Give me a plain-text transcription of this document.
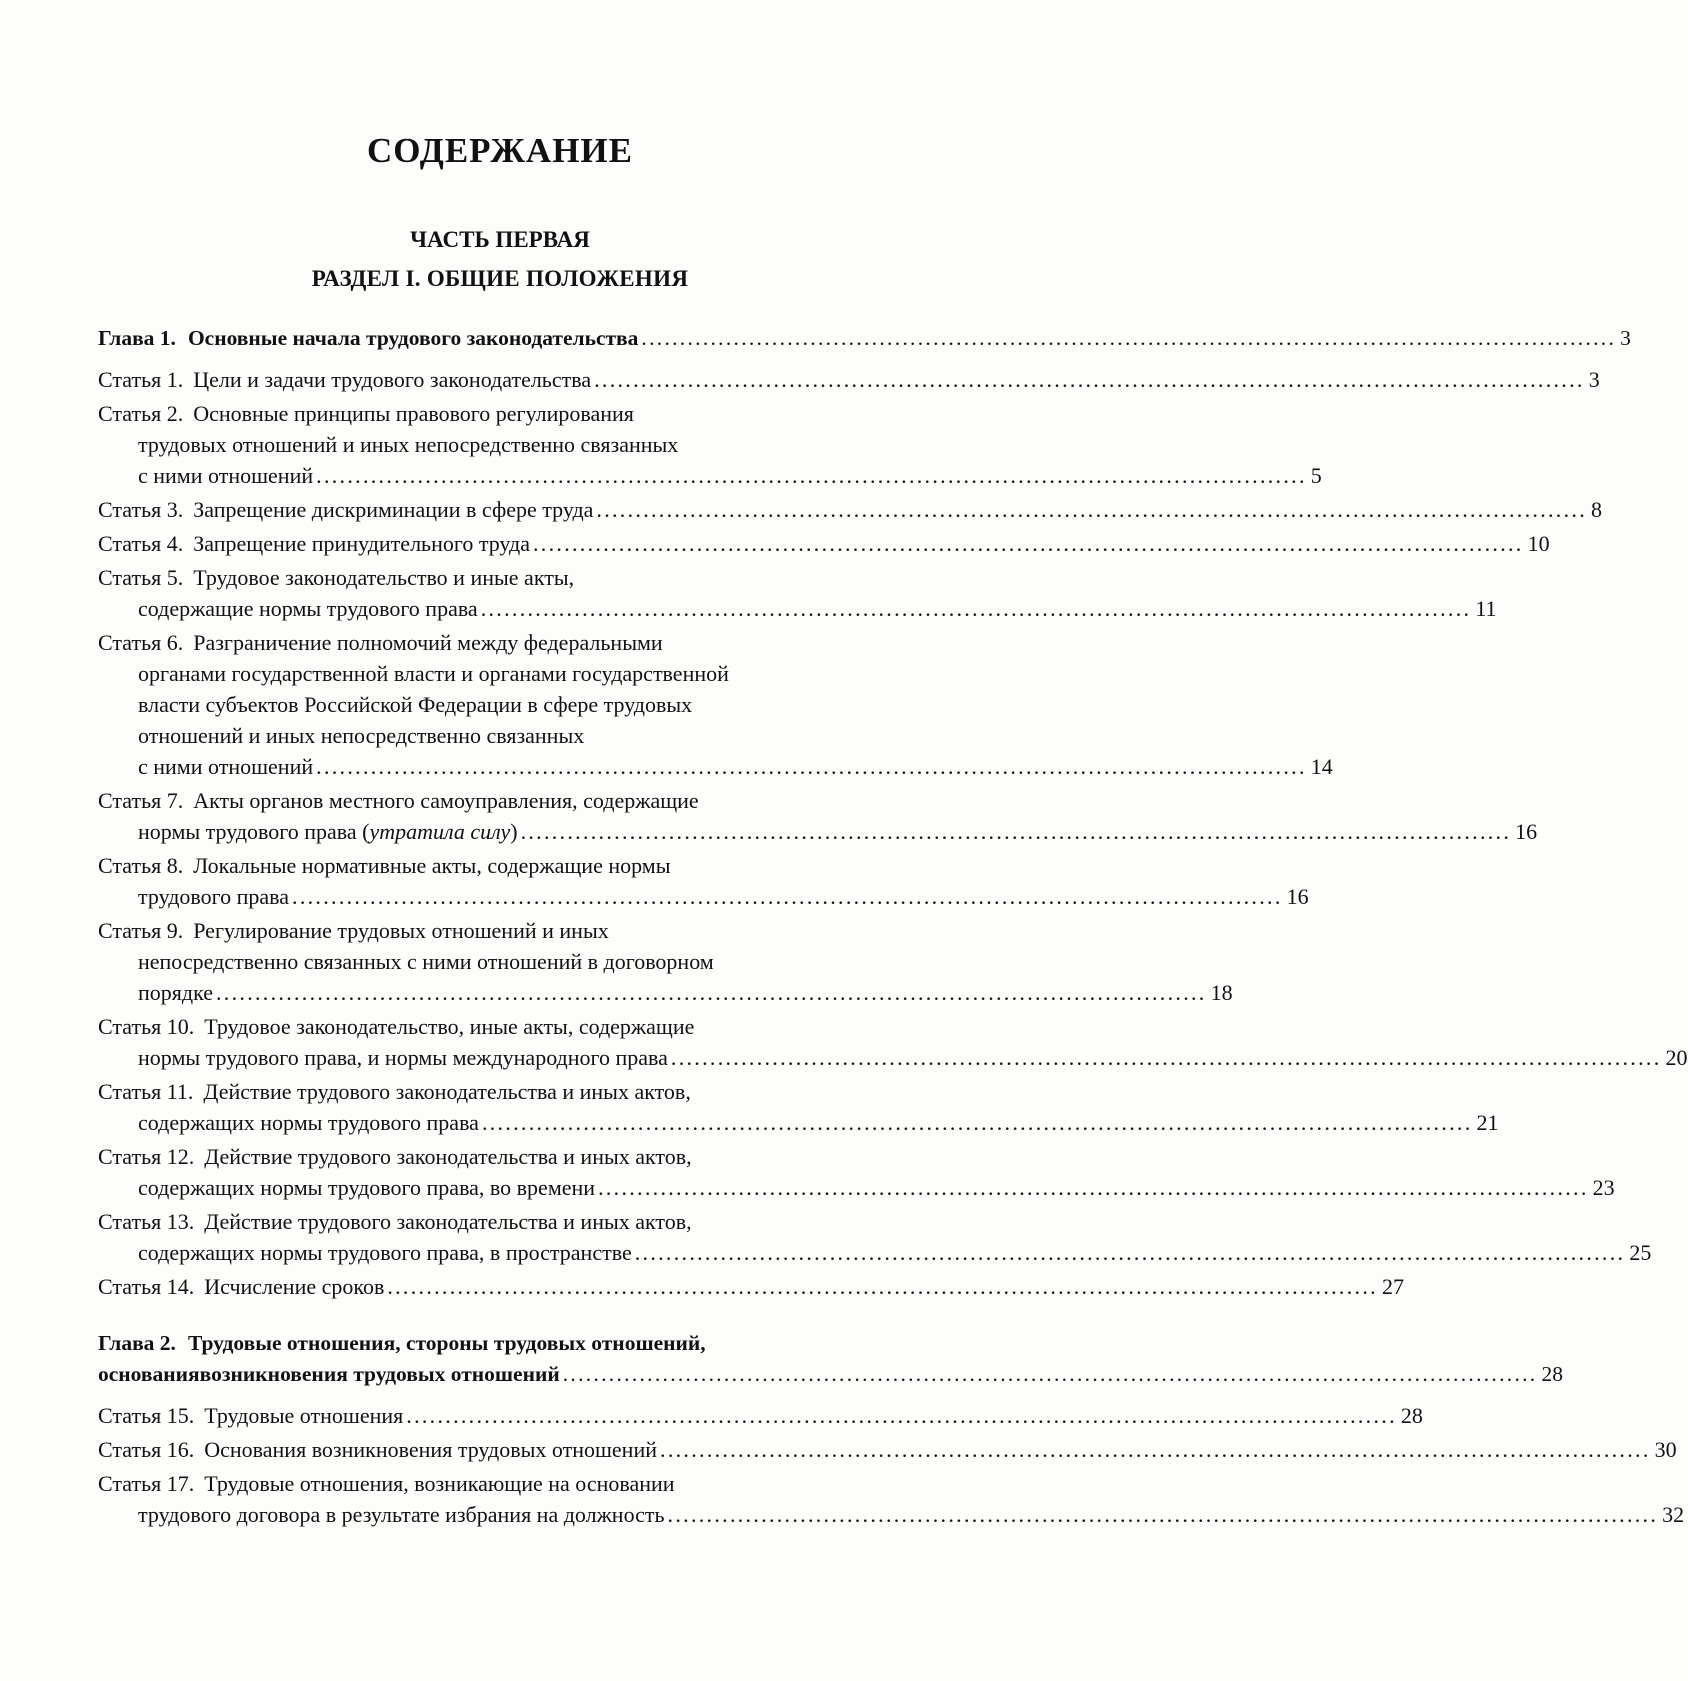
СОДЕРЖАНИЕ
ЧАСТЬ ПЕРВАЯ
РАЗДЕЛ I. ОБЩИЕ ПОЛОЖЕНИЯ
Глава 1. Основные начала трудового законодательства ............................................................................................................................... 3
Статья 1. Цели и задачи трудового законодательства ............................................................................................................................... 3
Статья 2. Основные принципы правового регулирования
трудовых отношений и иных непосредственно связанных
с ними отношений ............................................................................................................................... 5
Статья 3. Запрещение дискриминации в сфере труда ............................................................................................................................... 8
Статья 4. Запрещение принудительного труда ............................................................................................................................... 10
Статья 5. Трудовое законодательство и иные акты,
содержащие нормы трудового права ............................................................................................................................... 11
Статья 6. Разграничение полномочий между федеральными
органами государственной власти и органами государственной
власти субъектов Российской Федерации в сфере трудовых
отношений и иных непосредственно связанных
с ними отношений ............................................................................................................................... 14
Статья 7. Акты органов местного самоуправления, содержащие
нормы трудового права (утратила силу) ............................................................................................................................... 16
Статья 8. Локальные нормативные акты, содержащие нормы
трудового права ............................................................................................................................... 16
Статья 9. Регулирование трудовых отношений и иных
непосредственно связанных с ними отношений в договорном
порядке ............................................................................................................................... 18
Статья 10. Трудовое законодательство, иные акты, содержащие
нормы трудового права, и нормы международного права ............................................................................................................................... 20
Статья 11. Действие трудового законодательства и иных актов,
содержащих нормы трудового права ............................................................................................................................... 21
Статья 12. Действие трудового законодательства и иных актов,
содержащих нормы трудового права, во времени ............................................................................................................................... 23
Статья 13. Действие трудового законодательства и иных актов,
содержащих нормы трудового права, в пространстве ............................................................................................................................... 25
Статья 14. Исчисление сроков ............................................................................................................................... 27
Глава 2. Трудовые отношения, стороны трудовых отношений,
основаниявозникновения трудовых отношений ............................................................................................................................... 28
Статья 15. Трудовые отношения ............................................................................................................................... 28
Статья 16. Основания возникновения трудовых отношений ............................................................................................................................... 30
Статья 17. Трудовые отношения, возникающие на основании
трудового договора в результате избрания на должность ............................................................................................................................... 32
